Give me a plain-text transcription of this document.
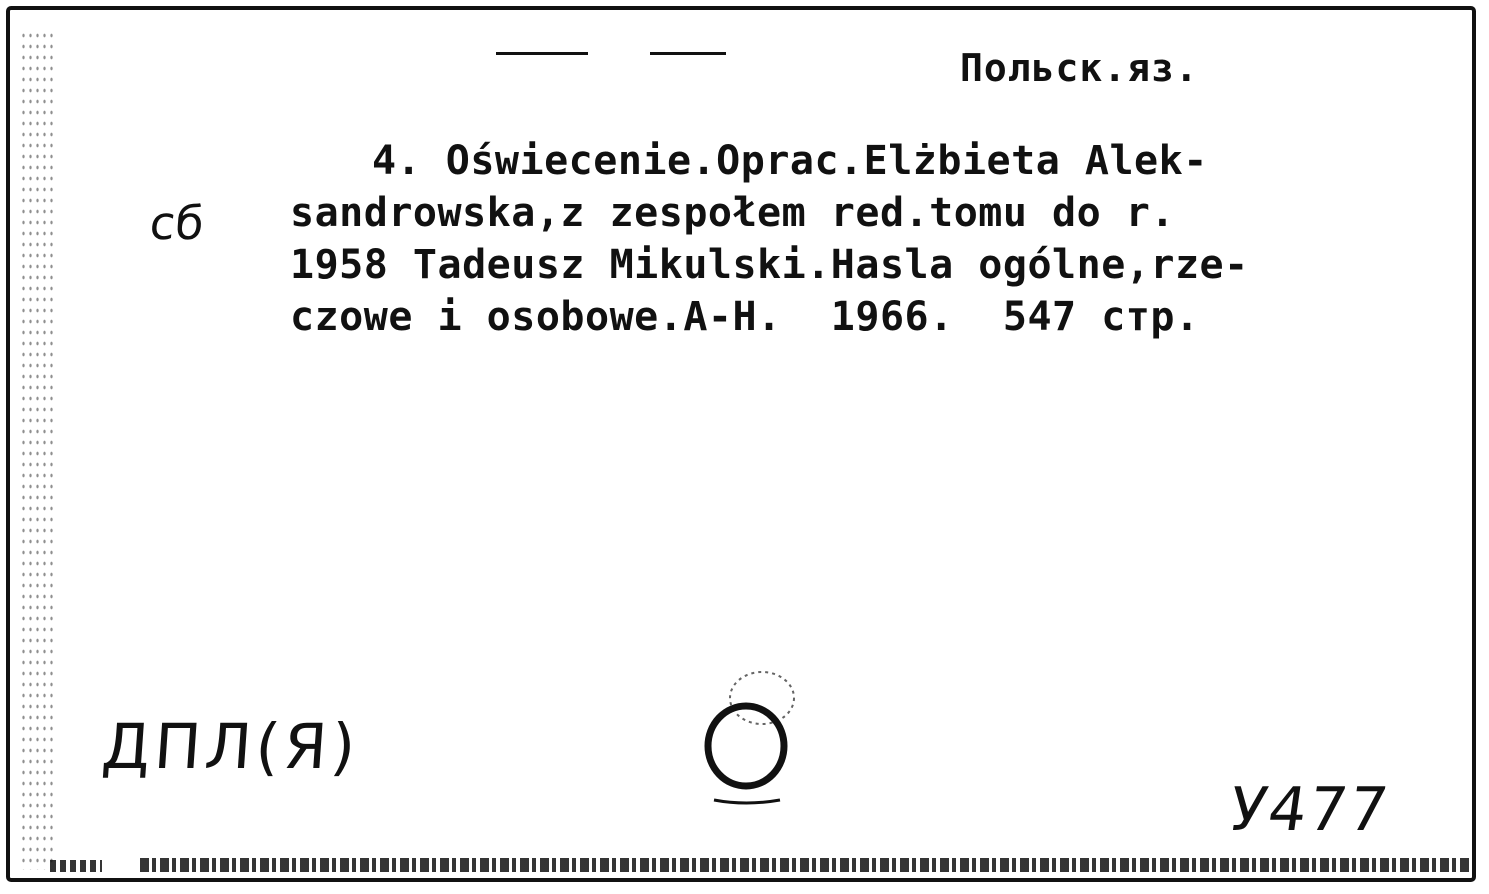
Польск.яз.
4. Oświecenie.Oprac.Elżbieta Alek-
sandrowska,z zespołem red.tomu do r.
1958 Tadeusz Mikulski.Hasla ogólne,rze-
czowe i osobowe.A-H.  1966.  547 стр.
сб
ДПЛ(Я)
У477
